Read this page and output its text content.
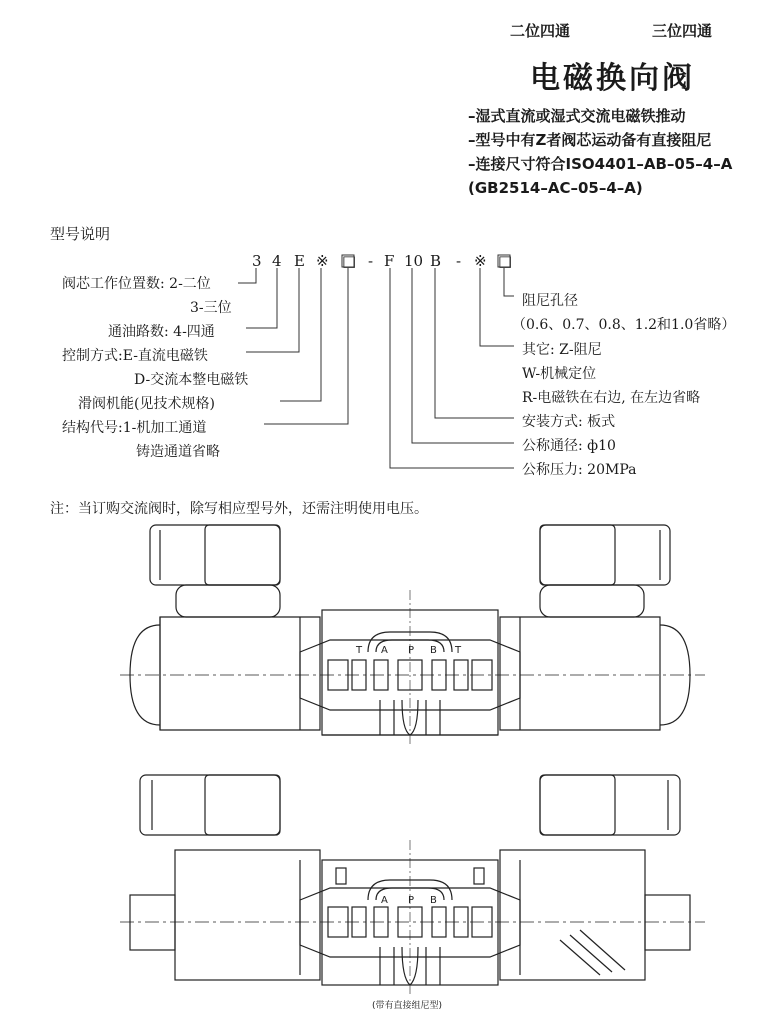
二位四通	三位四通
电磁换向阀
–湿式直流或湿式交流电磁铁推动
–型号中有Z者阀芯运动备有直接阻尼
–连接尺寸符合ISO4401–AB–05–4–A
(GB2514–AC–05–4–A)
型号说明
3 4 E ※ □ - F 10 B - ※ □
阀芯工作位置数: 2-二位
3-三位
通油路数: 4-四通
控制方式:E-直流电磁铁
D-交流本整电磁铁
滑阀机能(见技术规格)
结构代号:1-机加工通道
铸造通道省略
阻尼孔径
（0.6、0.7、0.8、1.2和1.0省略）
其它: Z-阻尼
W-机械定位
R-电磁铁在右边, 在左边省略
安装方式: 板式
公称通径: ф10
公称压力: 20MPa
注：当订购交流阀时，除写相应型号外，还需注明使用电压。
T A P B T
A P B
(带有直接组尼型)
